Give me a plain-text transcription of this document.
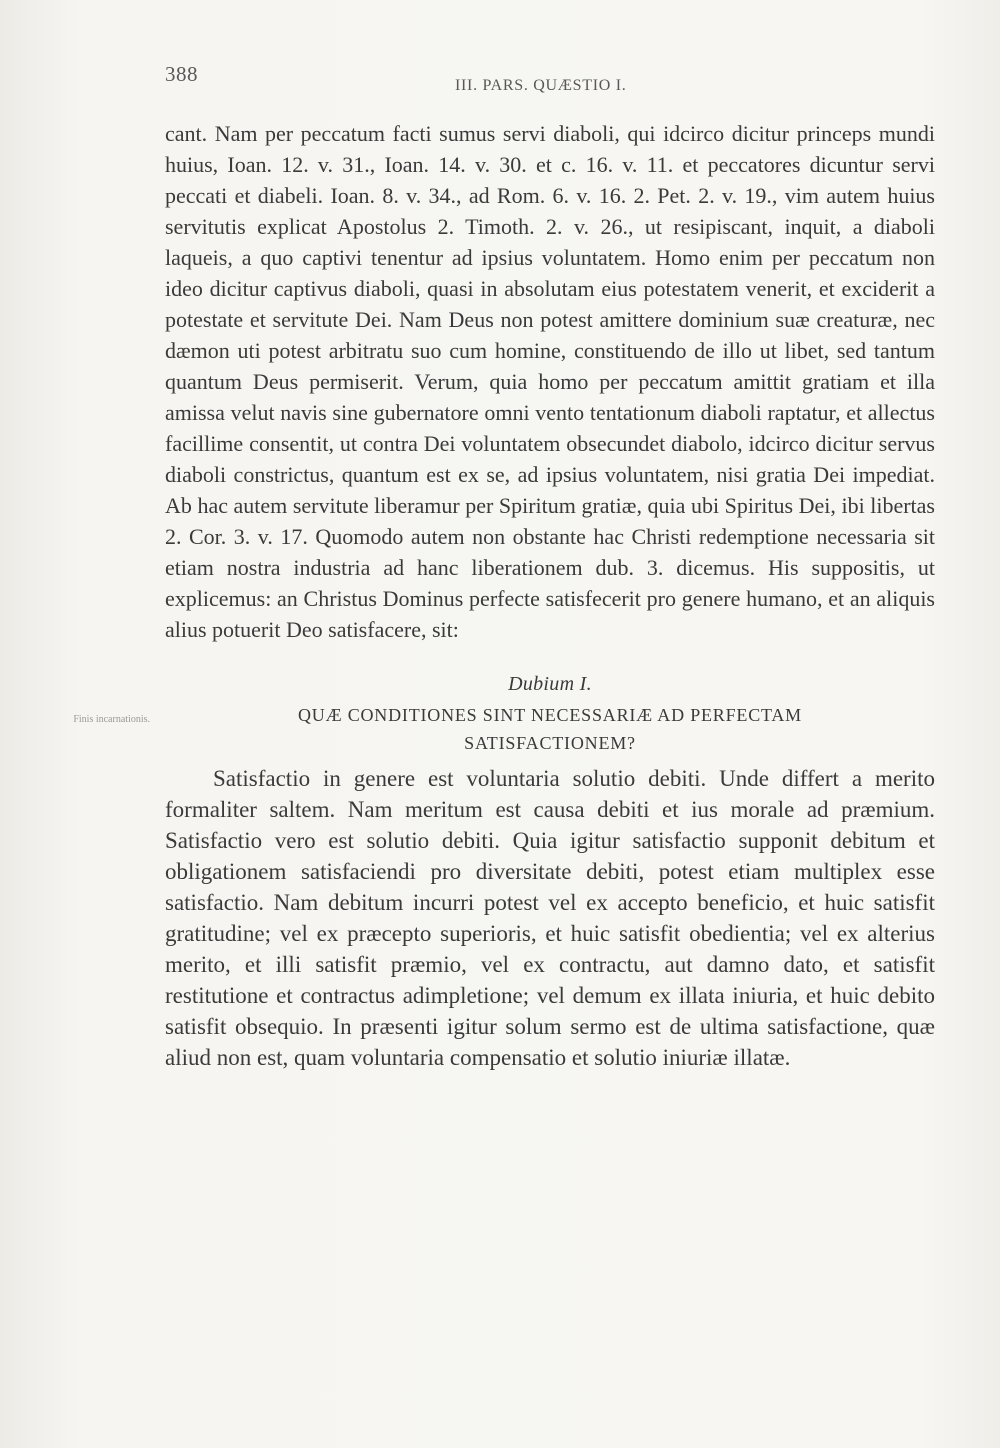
388	III. PARS. QUÆSTIO I.
Finis incarnationis.

cant. Nam per peccatum facti sumus servi diaboli, qui idcirco dicitur princeps mundi huius, Ioan. 12. v. 31., Ioan. 14. v. 30. et c. 16. v. 11. et peccatores dicuntur servi peccati et diabeli. Ioan. 8. v. 34., ad Rom. 6. v. 16. 2. Pet. 2. v. 19., vim autem huius servitutis explicat Apostolus 2. Timoth. 2. v. 26., ut resipiscant, inquit, a diaboli laqueis, a quo captivi tenentur ad ipsius voluntatem. Homo enim per peccatum non ideo dicitur captivus diaboli, quasi in absolutam eius potestatem venerit, et exciderit a potestate et servitute Dei. Nam Deus non potest amittere dominium suæ creaturæ, nec dæmon uti potest arbitratu suo cum homine, constituendo de illo ut libet, sed tantum quantum Deus permiserit. Verum, quia homo per peccatum amittit gratiam et illa amissa velut navis sine gubernatore omni vento tentationum diaboli raptatur, et allectus facillime consentit, ut contra Dei voluntatem obsecundet diabolo, idcirco dicitur servus diaboli constrictus, quantum est ex se, ad ipsius voluntatem, nisi gratia Dei impediat. Ab hac autem servitute liberamur per Spiritum gratiæ, quia ubi Spiritus Dei, ibi libertas 2. Cor. 3. v. 17. Quomodo autem non obstante hac Christi redemptione necessaria sit etiam nostra industria ad hanc liberationem dub. 3. dicemus. His suppositis, ut explicemus: an Christus Dominus perfecte satisfecerit pro genere humano, et an aliquis alius potuerit Deo satisfacere, sit:

Dubium I.
QUÆ CONDITIONES SINT NECESSARIÆ AD PERFECTAM
SATISFACTIONEM?

Satisfactio in genere est voluntaria solutio debiti. Unde differt a merito formaliter saltem. Nam meritum est causa debiti et ius morale ad præmium. Satisfactio vero est solutio debiti. Quia igitur satisfactio supponit debitum et obligationem satisfaciendi pro diversitate debiti, potest etiam multiplex esse satisfactio. Nam debitum incurri potest vel ex accepto beneficio, et huic satisfit gratitudine; vel ex præcepto superioris, et huic satisfit obedientia; vel ex alterius merito, et illi satisfit præmio, vel ex contractu, aut damno dato, et satisfit restitutione et contractus adimpletione; vel demum ex illata iniuria, et huic debito satisfit obsequio. In præsenti igitur solum sermo est de ultima satisfactione, quæ aliud non est, quam voluntaria compensatio et solutio iniuriæ illatæ.
